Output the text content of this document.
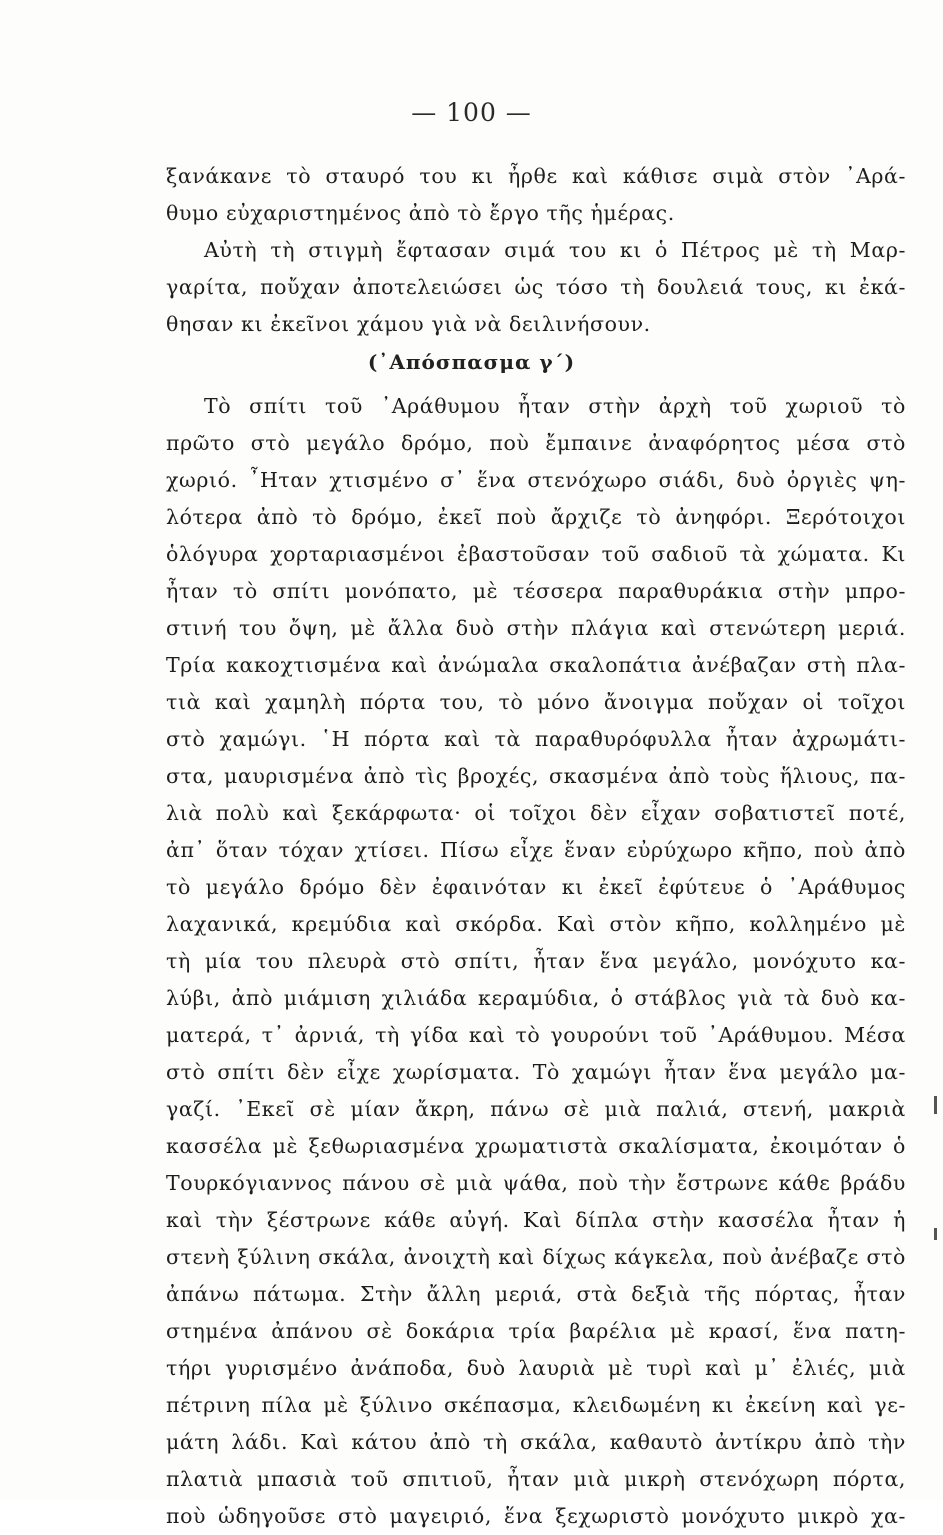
— 100 —
ξανάκανε τὸ σταυρό του κι ἦρθε καὶ κάθισε σιμὰ στὸν ᾿Αρά-
θυμο εὐχαριστημένος ἀπὸ τὸ ἔργο τῆς ἡμέρας.
Αὐτὴ τὴ στιγμὴ ἔφτασαν σιμά του κι ὁ Πέτρος μὲ τὴ Μαρ-
γαρίτα, ποὔχαν ἀποτελειώσει ὡς τόσο τὴ δουλειά τους, κι ἐκά-
θησαν κι ἐκεῖνοι χάμου γιὰ νὰ δειλινήσουν.
(᾿Απόσπασμα γ΄)
Τὸ σπίτι τοῦ ᾿Αράθυμου ἦταν στὴν ἀρχὴ τοῦ χωριοῦ τὸ
πρῶτο στὸ μεγάλο δρόμο, ποὺ ἔμπαινε ἀναφόρητος μέσα στὸ
χωριό. ῏Ηταν χτισμένο σ᾿ ἕνα στενόχωρο σιάδι, δυὸ ὀργιὲς ψη-
λότερα ἀπὸ τὸ δρόμο, ἐκεῖ ποὺ ἄρχιζε τὸ ἀνηφόρι. Ξερότοιχοι
ὁλόγυρα χορταριασμένοι ἐβαστοῦσαν τοῦ σαδιοῦ τὰ χώματα. Κι
ἦταν τὸ σπίτι μονόπατο, μὲ τέσσερα παραθυράκια στὴν μπρο-
στινή του ὄψη, μὲ ἄλλα δυὸ στὴν πλάγια καὶ στενώτερη μεριά.
Τρία κακοχτισμένα καὶ ἀνώμαλα σκαλοπάτια ἀνέβαζαν στὴ πλα-
τιὰ καὶ χαμηλὴ πόρτα του, τὸ μόνο ἄνοιγμα ποὔχαν οἱ τοῖχοι
στὸ χαμώγι. ῾Η πόρτα καὶ τὰ παραθυρόφυλλα ἦταν ἀχρωμάτι-
στα, μαυρισμένα ἀπὸ τὶς βροχές, σκασμένα ἀπὸ τοὺς ἥλιους, πα-
λιὰ πολὺ καὶ ξεκάρφωτα· οἱ τοῖχοι δὲν εἶχαν σοβατιστεῖ ποτέ,
ἀπ᾿ ὅταν τόχαν χτίσει. Πίσω εἶχε ἕναν εὐρύχωρο κῆπο, ποὺ ἀπὸ
τὸ μεγάλο δρόμο δὲν ἐφαινόταν κι ἐκεῖ ἐφύτευε ὁ ᾿Αράθυμος
λαχανικά, κρεμύδια καὶ σκόρδα. Καὶ στὸν κῆπο, κολλημένο μὲ
τὴ μία του πλευρὰ στὸ σπίτι, ἦταν ἕνα μεγάλο, μονόχυτο κα-
λύβι, ἀπὸ μιάμιση χιλιάδα κεραμύδια, ὁ στάβλος γιὰ τὰ δυὸ κα-
ματερά, τ᾿ ἀρνιά, τὴ γίδα καὶ τὸ γουρούνι τοῦ ᾿Αράθυμου. Μέσα
στὸ σπίτι δὲν εἶχε χωρίσματα. Τὸ χαμώγι ἦταν ἕνα μεγάλο μα-
γαζί. ᾿Εκεῖ σὲ μίαν ἄκρη, πάνω σὲ μιὰ παλιά, στενή, μακριὰ
κασσέλα μὲ ξεθωριασμένα χρωματιστὰ σκαλίσματα, ἐκοιμόταν ὁ
Τουρκόγιαννος πάνου σὲ μιὰ ψάθα, ποὺ τὴν ἔστρωνε κάθε βράδυ
καὶ τὴν ξέστρωνε κάθε αὐγή. Καὶ δίπλα στὴν κασσέλα ἦταν ἡ
στενὴ ξύλινη σκάλα, ἀνοιχτὴ καὶ δίχως κάγκελα, ποὺ ἀνέβαζε στὸ
ἀπάνω πάτωμα. Στὴν ἄλλη μεριά, στὰ δεξιὰ τῆς πόρτας, ἦταν
στημένα ἀπάνου σὲ δοκάρια τρία βαρέλια μὲ κρασί, ἕνα πατη-
τήρι γυρισμένο ἀνάποδα, δυὸ λαυριὰ μὲ τυρὶ καὶ μ᾿ ἐλιές, μιὰ
πέτρινη πίλα μὲ ξύλινο σκέπασμα, κλειδωμένη κι ἐκείνη καὶ γε-
μάτη λάδι. Καὶ κάτου ἀπὸ τὴ σκάλα, καθαυτὸ ἀντίκρυ ἀπὸ τὴν
πλατιὰ μπασιὰ τοῦ σπιτιοῦ, ἦταν μιὰ μικρὴ στενόχωρη πόρτα,
ποὺ ὡδηγοῦσε στὸ μαγειριό, ἕνα ξεχωριστὸ μονόχυτο μικρὸ χα-
